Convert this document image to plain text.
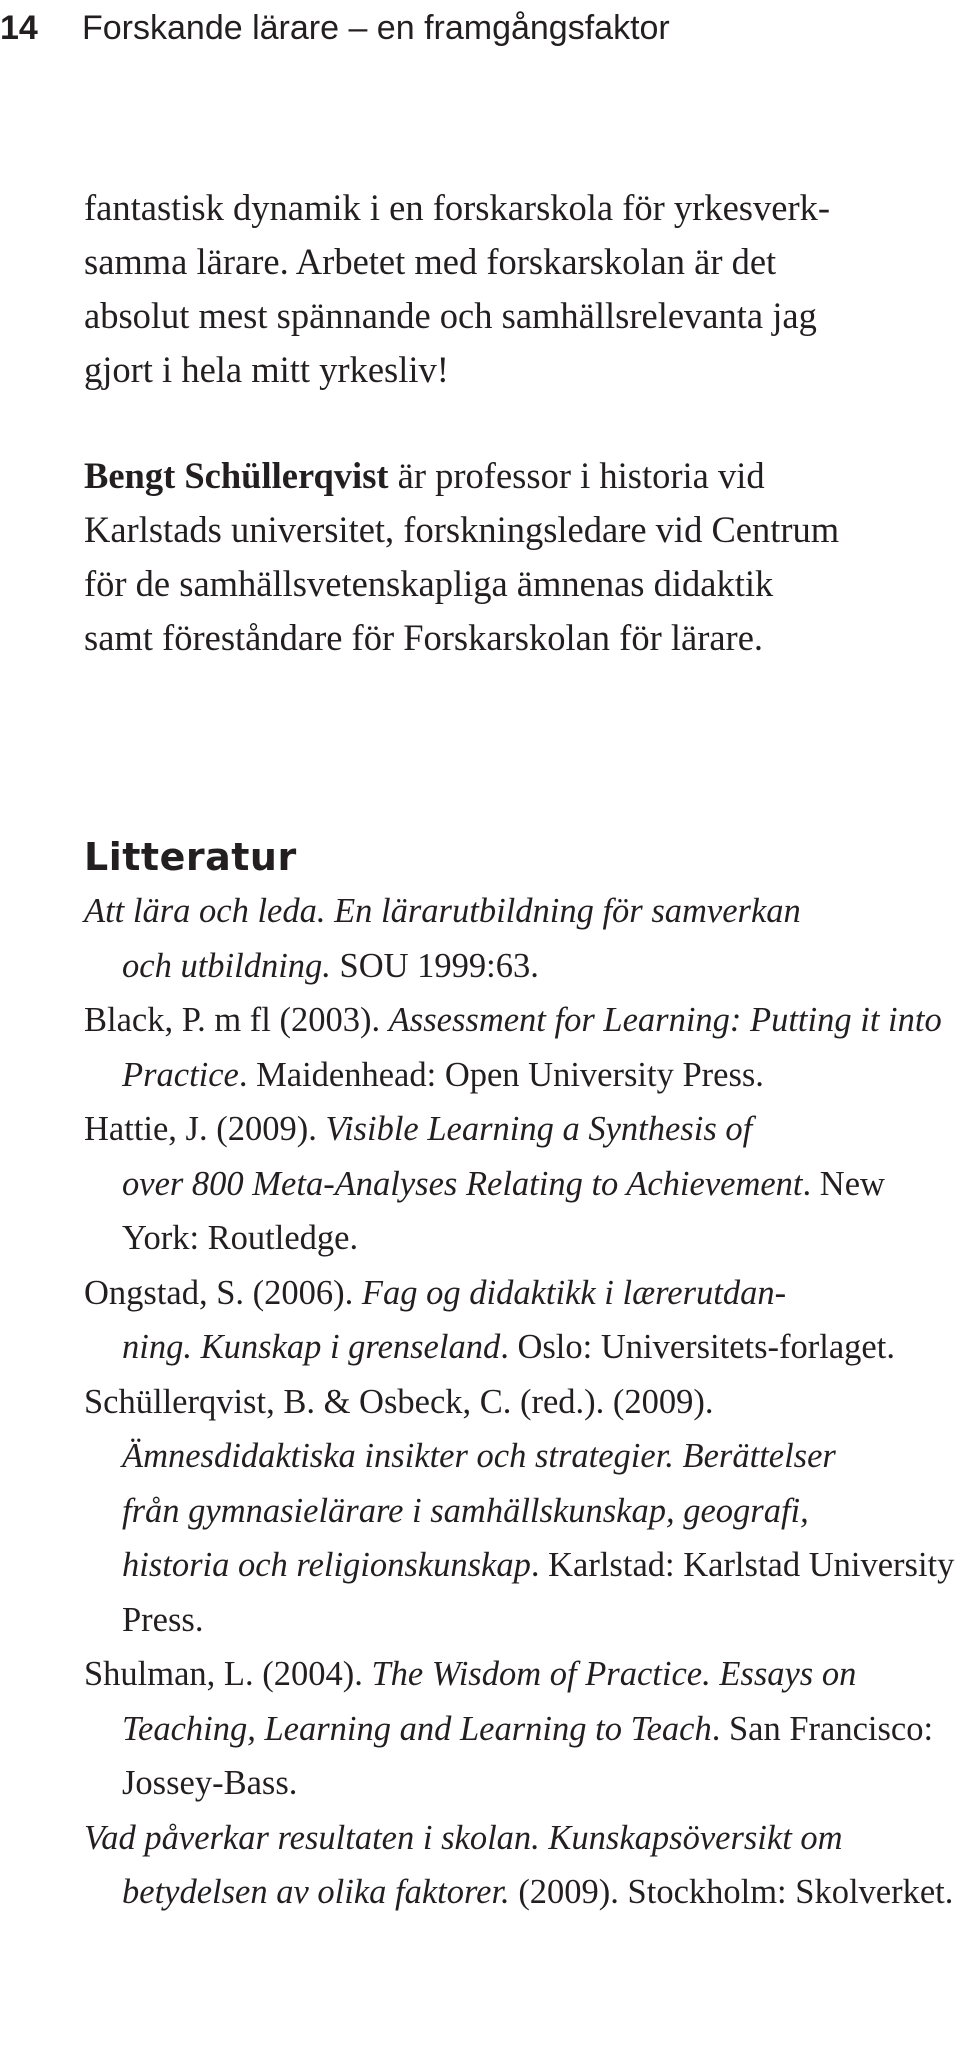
14 Forskande lärare – en framgångsfaktor
fantastisk dynamik i en forskarskola för yrkesverk-
samma lärare. Arbetet med forskarskolan är det
absolut mest spännande och samhällsrelevanta jag
gjort i hela mitt yrkesliv!
Bengt Schüllerqvist är professor i historia vid
Karlstads universitet, forskningsledare vid Centrum
för de samhällsvetenskapliga ämnenas didaktik
samt föreståndare för Forskarskolan för lärare.
Litteratur
Att lära och leda. En lärarutbildning för samverkan
och utbildning. SOU 1999:63.
Black, P. m fl (2003). Assessment for Learning: Putting it into Practice. Maidenhead: Open University Press.
Hattie, J. (2009). Visible Learning a Synthesis of
over 800 Meta-Analyses Relating to Achievement. New York: Routledge.
Ongstad, S. (2006). Fag og didaktikk i lærerutdan-
ning. Kunskap i grenseland. Oslo: Universitets-forlaget.
Schüllerqvist, B. & Osbeck, C. (red.). (2009).
Ämnesdidaktiska insikter och strategier. Berättelser
från gymnasielärare i samhällskunskap, geografi,
historia och religionskunskap. Karlstad: Karlstad University Press.
Shulman, L. (2004). The Wisdom of Practice. Essays on Teaching, Learning and Learning to Teach. San Francisco: Jossey-Bass.
Vad påverkar resultaten i skolan. Kunskapsöversikt om betydelsen av olika faktorer. (2009). Stockholm: Skolverket.
